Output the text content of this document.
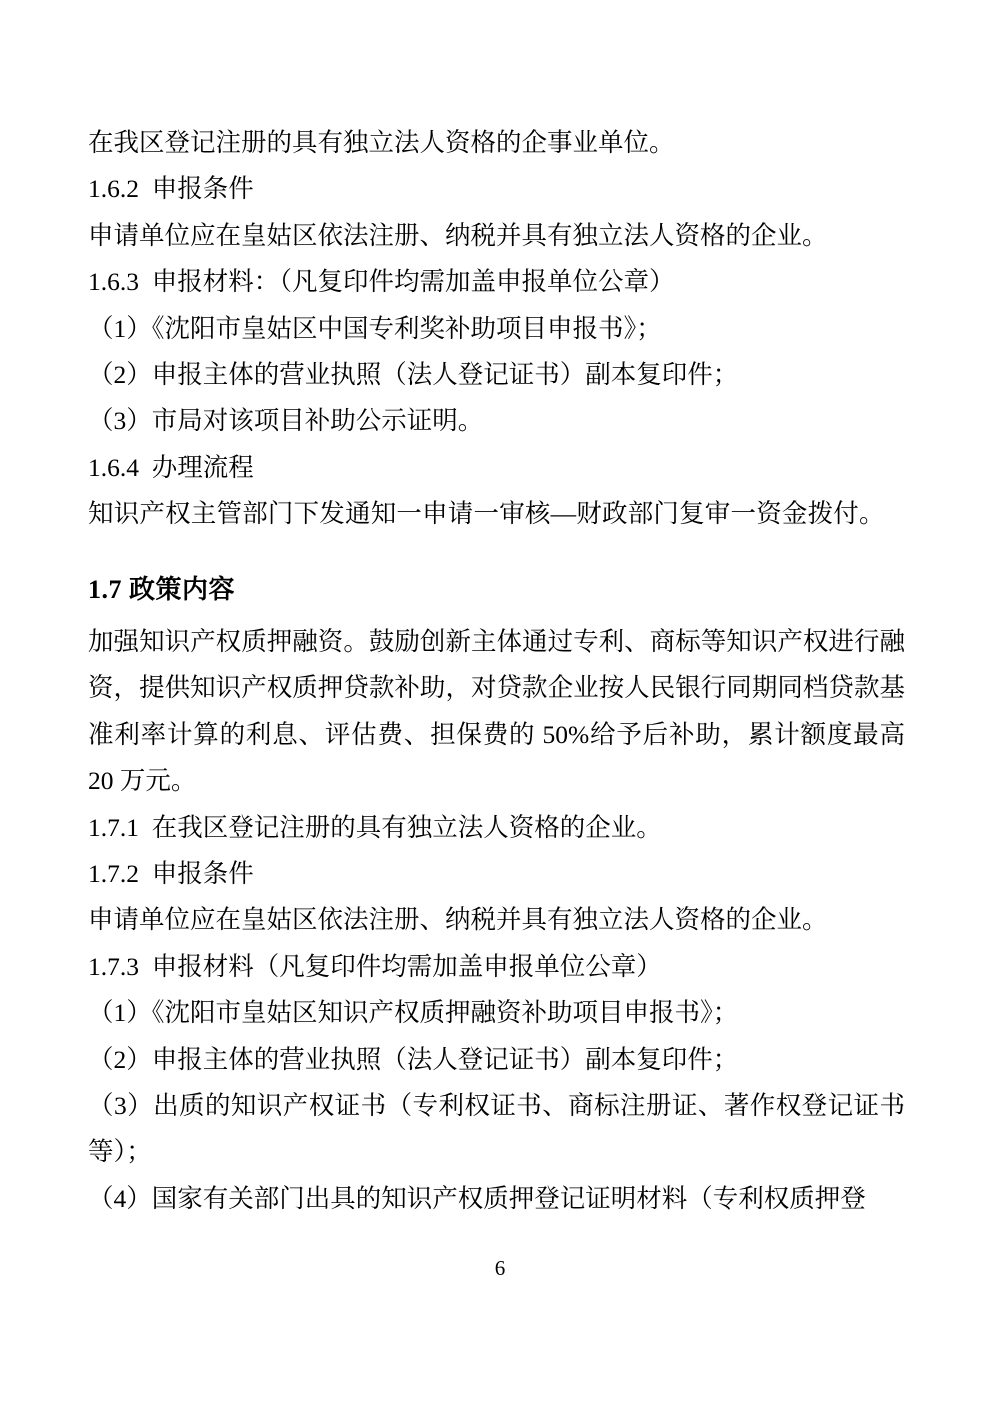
在我区登记注册的具有独立法人资格的企事业单位。

1.6.2  申报条件

申请单位应在皇姑区依法注册、纳税并具有独立法人资格的企业。

1.6.3  申报材料：（凡复印件均需加盖申报单位公章）

（1）《沈阳市皇姑区中国专利奖补助项目申报书》；

（2）申报主体的营业执照（法人登记证书）副本复印件；

（3）市局对该项目补助公示证明。

1.6.4  办理流程

知识产权主管部门下发通知一申请一审核—财政部门复审一资金拨付。

1.7 政策内容

加强知识产权质押融资。鼓励创新主体通过专利、商标等知识产权进行融资，提供知识产权质押贷款补助，对贷款企业按人民银行同期同档贷款基准利率计算的利息、评估费、担保费的 50%给予后补助，累计额度最高 20 万元。

1.7.1  在我区登记注册的具有独立法人资格的企业。

1.7.2  申报条件

申请单位应在皇姑区依法注册、纳税并具有独立法人资格的企业。

1.7.3  申报材料（凡复印件均需加盖申报单位公章）

（1）《沈阳市皇姑区知识产权质押融资补助项目申报书》；

（2）申报主体的营业执照（法人登记证书）副本复印件；

（3）出质的知识产权证书（专利权证书、商标注册证、著作权登记证书等）；

（4）国家有关部门出具的知识产权质押登记证明材料（专利权质押登

6
